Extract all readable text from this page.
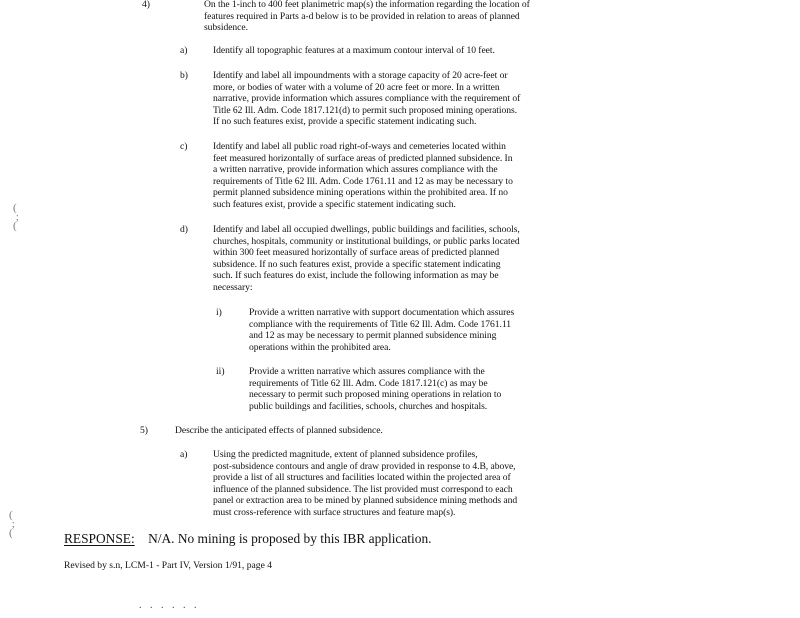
(
;
(
(
;
(
4)	On the 1-inch to 400 feet planimetric map(s) the information regarding the location of
features required in Parts a-d below is to be provided in relation to areas of planned
subsidence.
a)	Identify all topographic features at a maximum contour interval of 10 feet.
b)	Identify and label all impoundments with a storage capacity of 20 acre-feet or
more, or bodies of water with a volume of 20 acre feet or more. In a written
narrative, provide information which assures compliance with the requirement of
Title 62 Ill. Adm. Code 1817.121(d) to permit such proposed mining operations.
If no such features exist, provide a specific statement indicating such.
c)	Identify and label all public road right-of-ways and cemeteries located within
feet measured horizontally of surface areas of predicted planned subsidence. In
a written narrative, provide information which assures compliance with the
requirements of Title 62 Ill. Adm. Code 1761.11 and 12 as may be necessary to
permit planned subsidence mining operations within the prohibited area. If no
such features exist, provide a specific statement indicating such.
d)	Identify and label all occupied dwellings, public buildings and facilities, schools,
churches, hospitals, community or institutional buildings, or public parks located
within 300 feet measured horizontally of surface areas of predicted planned
subsidence. If no such features exist, provide a specific statement indicating
such. If such features do exist, include the following information as may be
necessary:
i)	Provide a written narrative with support documentation which assures
compliance with the requirements of Title 62 Ill. Adm. Code 1761.11
and 12 as may be necessary to permit planned subsidence mining
operations within the prohibited area.
ii)	Provide a written narrative which assures compliance with the
requirements of Title 62 Ill. Adm. Code 1817.121(c) as may be
necessary to permit such proposed mining operations in relation to
public buildings and facilities, schools, churches and hospitals.
5)	Describe the anticipated effects of planned subsidence.
a)	Using the predicted magnitude, extent of planned subsidence profiles,
post-subsidence contours and angle of draw provided in response to 4.B, above,
provide a list of all structures and facilities located within the projected area of
influence of the planned subsidence. The list provided must correspond to each
panel or extraction area to be mined by planned subsidence mining methods and
must cross-reference with surface structures and feature map(s).
RESPONSE: N/A. No mining is proposed by this IBR application.
Revised by s.n, LCM-1 - Part IV, Version 1/91, page 4
. . . . . .
